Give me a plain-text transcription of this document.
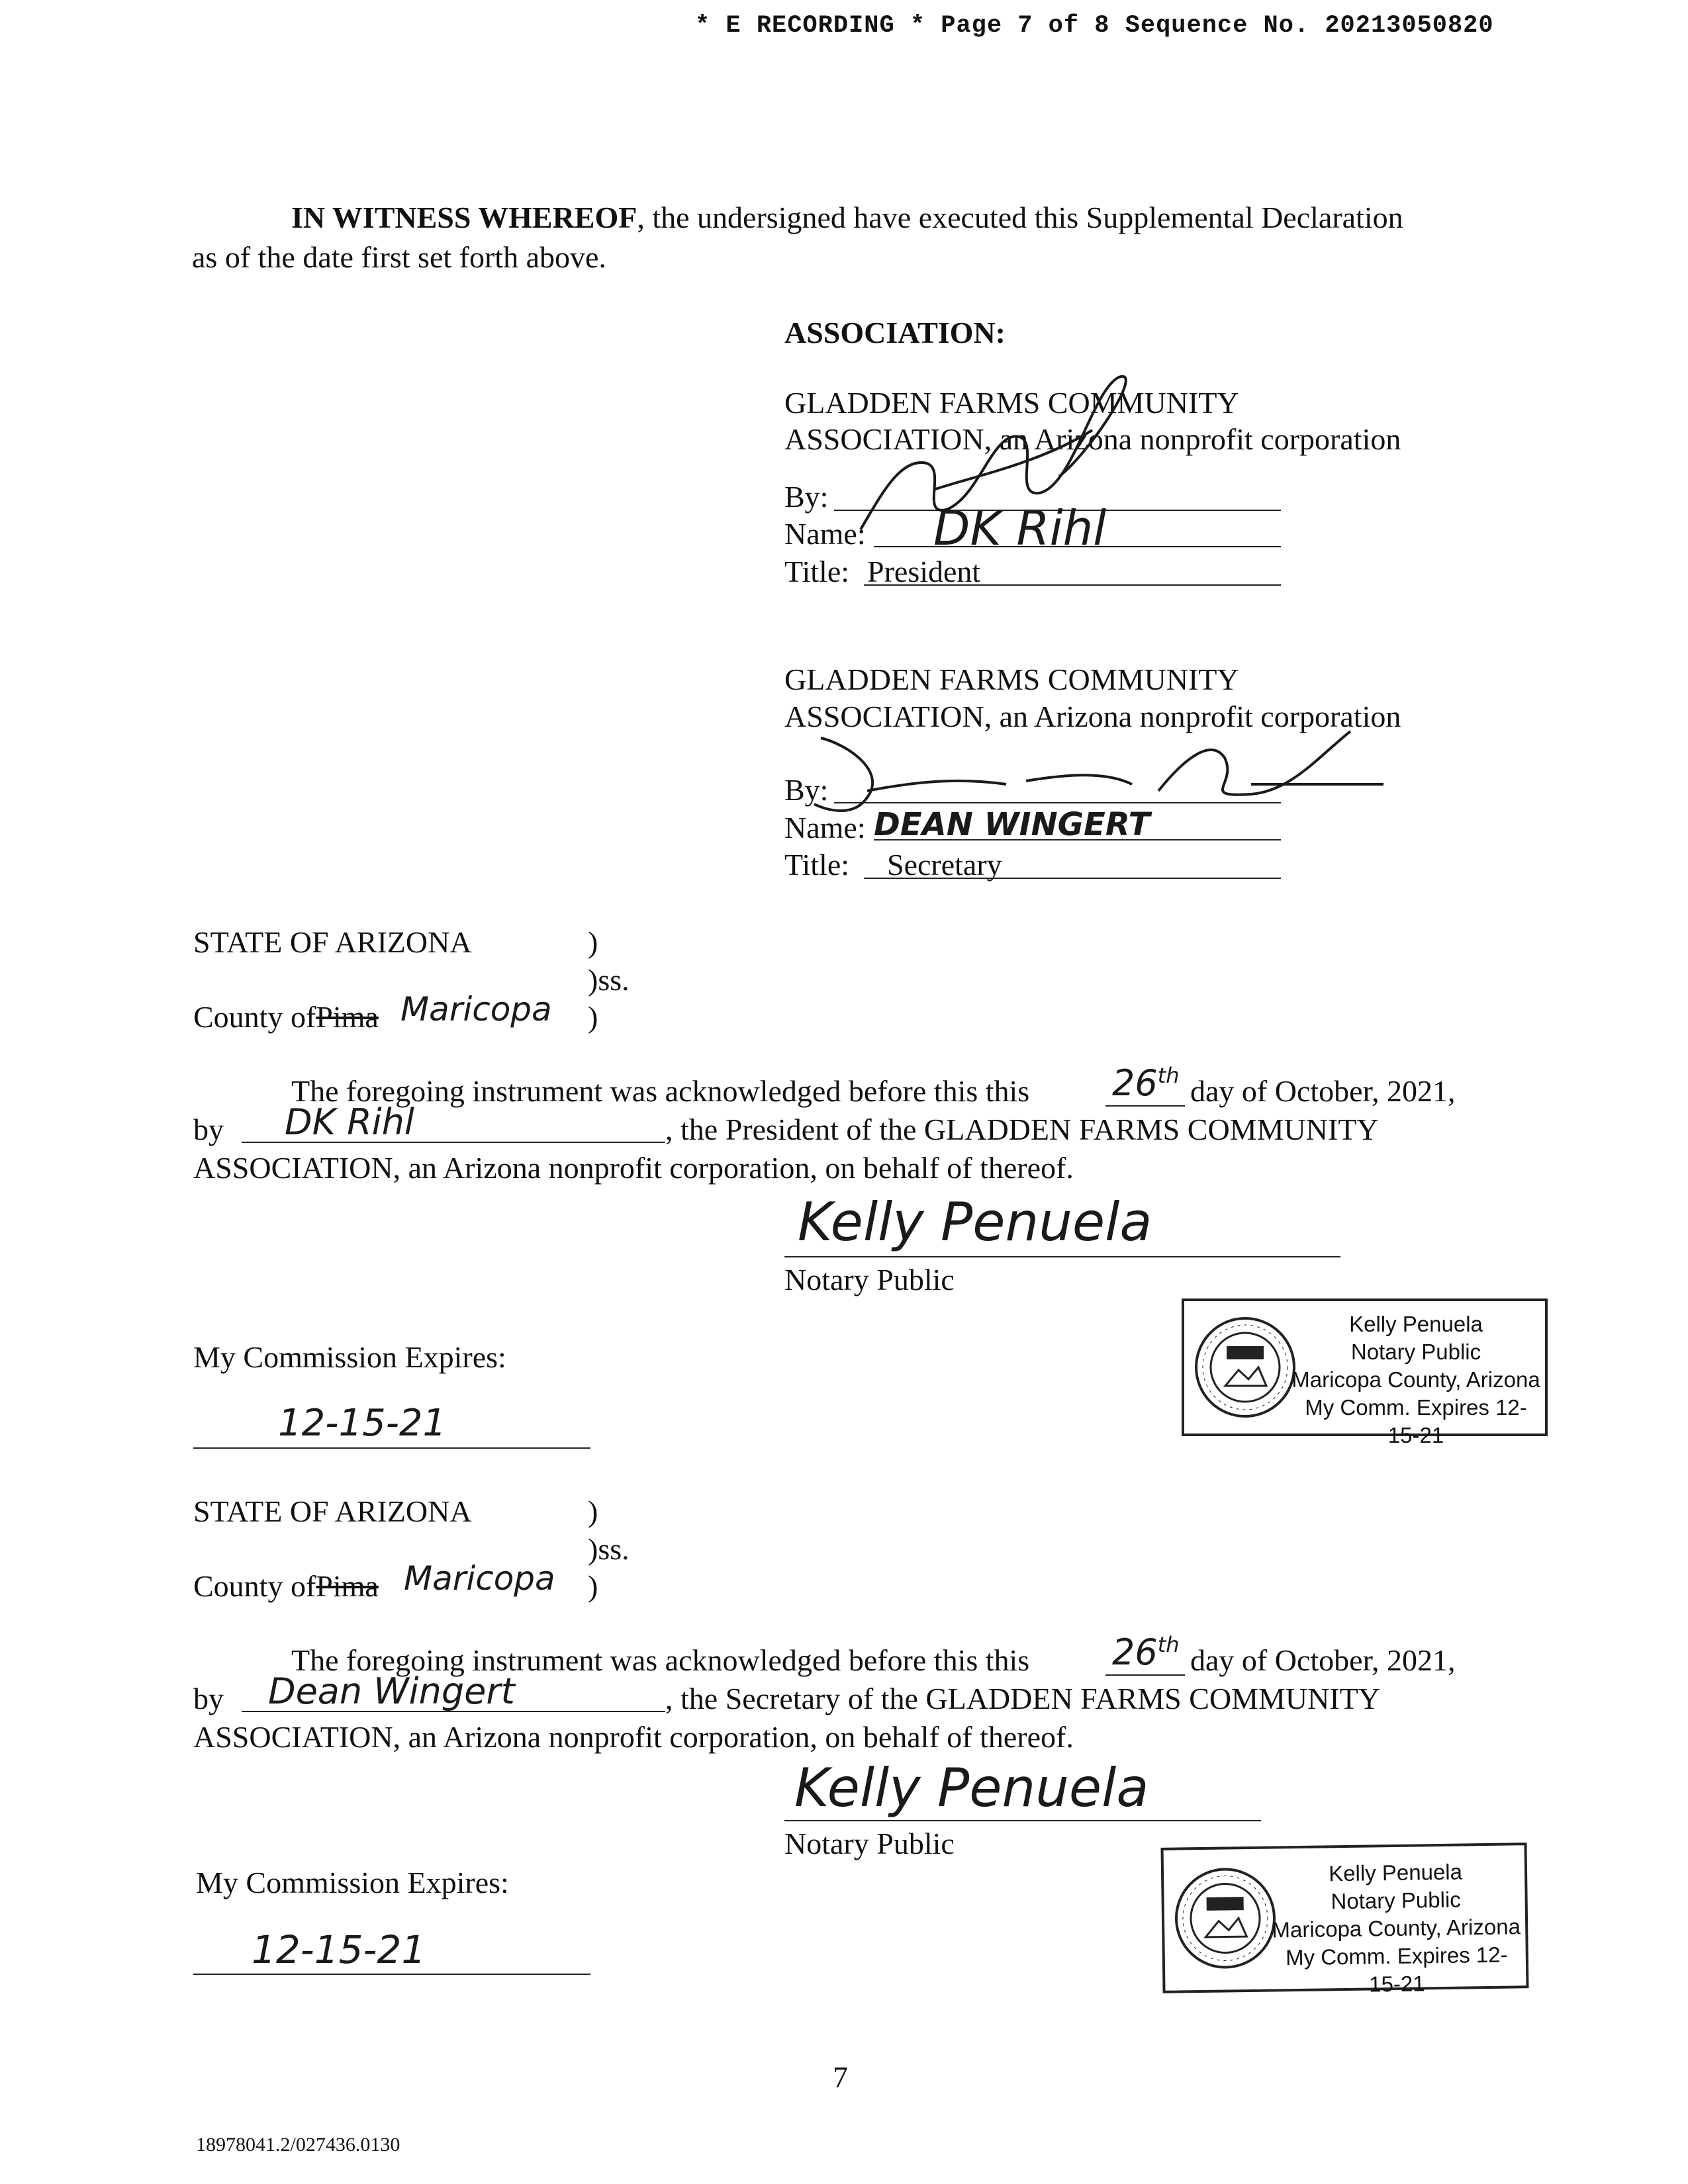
* E RECORDING * Page 7 of 8 Sequence No. 20213050820
IN WITNESS WHEREOF, the undersigned have executed this Supplemental Declaration
as of the date first set forth above.
ASSOCIATION:
GLADDEN FARMS COMMUNITY
ASSOCIATION, an Arizona nonprofit corporation
By:
Name: DK Rihl
Title: President
GLADDEN FARMS COMMUNITY
ASSOCIATION, an Arizona nonprofit corporation
By:
Name: DEAN WINGERT
Title: Secretary
STATE OF ARIZONA	)
)ss.
County ofPima Maricopa )
The foregoing instrument was acknowledged before this this 26th day of October, 2021,
by DK Rihl	, the President of the GLADDEN FARMS COMMUNITY
ASSOCIATION, an Arizona nonprofit corporation, on behalf of thereof.
Kelly Penuela
Notary Public
My Commission Expires:
12-15-21
Kelly Penuela
Notary Public
Maricopa County, Arizona
My Comm. Expires 12-15-21
STATE OF ARIZONA	)
)ss.
County ofPima Maricopa )
The foregoing instrument was acknowledged before this this 26th day of October, 2021,
by Dean Wingert	, the Secretary of the GLADDEN FARMS COMMUNITY
ASSOCIATION, an Arizona nonprofit corporation, on behalf of thereof.
Kelly Penuela
Notary Public
My Commission Expires:
12-15-21
Kelly Penuela
Notary Public
Maricopa County, Arizona
My Comm. Expires 12-15-21
7
18978041.2/027436.0130
